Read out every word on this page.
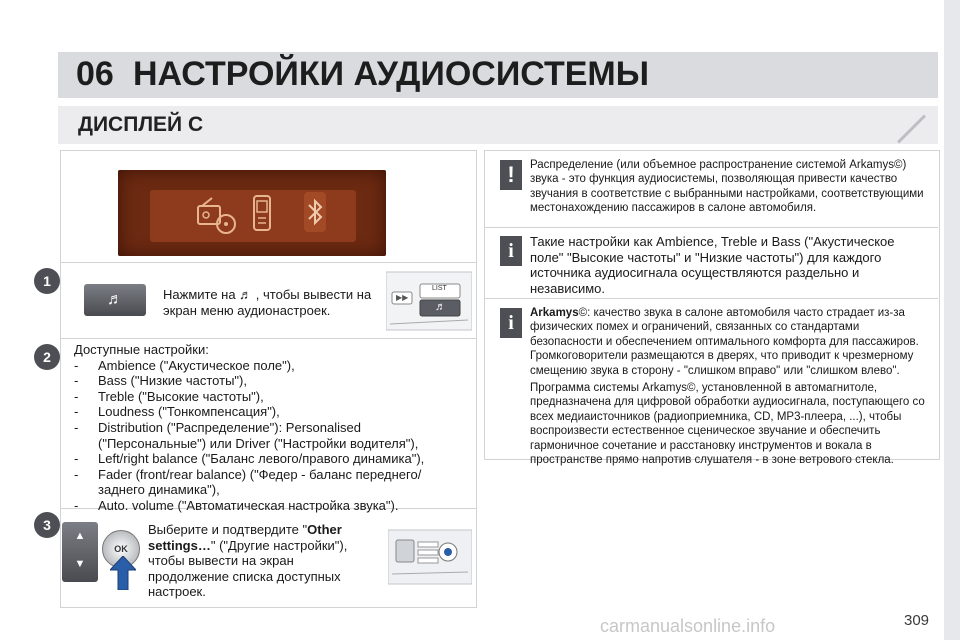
06 НАСТРОЙКИ АУДИОСИСТЕМЫ
ДИСПЛЕЙ С
1
♬	Нажмите на ♬ , чтобы вывести на экран меню аудионастроек.
LIST
♬
▶▶
2	Доступные настройки:
- Ambience ("Акустическое поле"),
- Bass ("Низкие частоты"),
- Treble ("Высокие частоты"),
- Loudness ("Тонкомпенсация"),
- Distribution ("Распределение"): Personalised ("Персональные") или Driver ("Настройки водителя"),
- Left/right balance ("Баланс левого/правого динамика"),
- Fader (front/rear balance) ("Федер - баланс переднего/заднего динамика"),
- Auto. volume ("Автоматическая настройка звука").
3
▲
▼
OK
Выберите и подтвердите "Other settings…" ("Другие настройки"), чтобы вывести на экран продолжение списка доступных настроек.
!	Распределение (или объемное распространение системой Arkamys©) звука - это функция аудиосистемы, позволяющая привести качество звучания в соответствие с выбранными настройками, соответствующими местонахождению пассажиров в салоне автомобиля.
i	Такие настройки как Ambience, Treble и Bass ("Акустическое поле" "Высокие частоты" и "Низкие частоты") для каждого источника аудиосигнала осуществляются раздельно и независимо.
i	Arkamys©: качество звука в салоне автомобиля часто страдает из-за физических помех и ограничений, связанных со стандартами безопасности и обеспечением оптимального комфорта для пассажиров. Громкоговорители размещаются в дверях, что приводит к чрезмерному смещению звука в сторону - "слишком вправо" или "слишком влево".
Программа системы Arkamys©, установленной в автомагнитоле, предназначена для цифровой обработки аудиосигнала, поступающего со всех медиаисточников (радиоприемника, CD, MP3-плеера, ...), чтобы воспроизвести естественное сценическое звучание и обеспечить гармоничное сочетание и расстановку инструментов и вокала в пространстве прямо напротив слушателя - в зоне ветрового стекла.
carmanualsonline.info	309
